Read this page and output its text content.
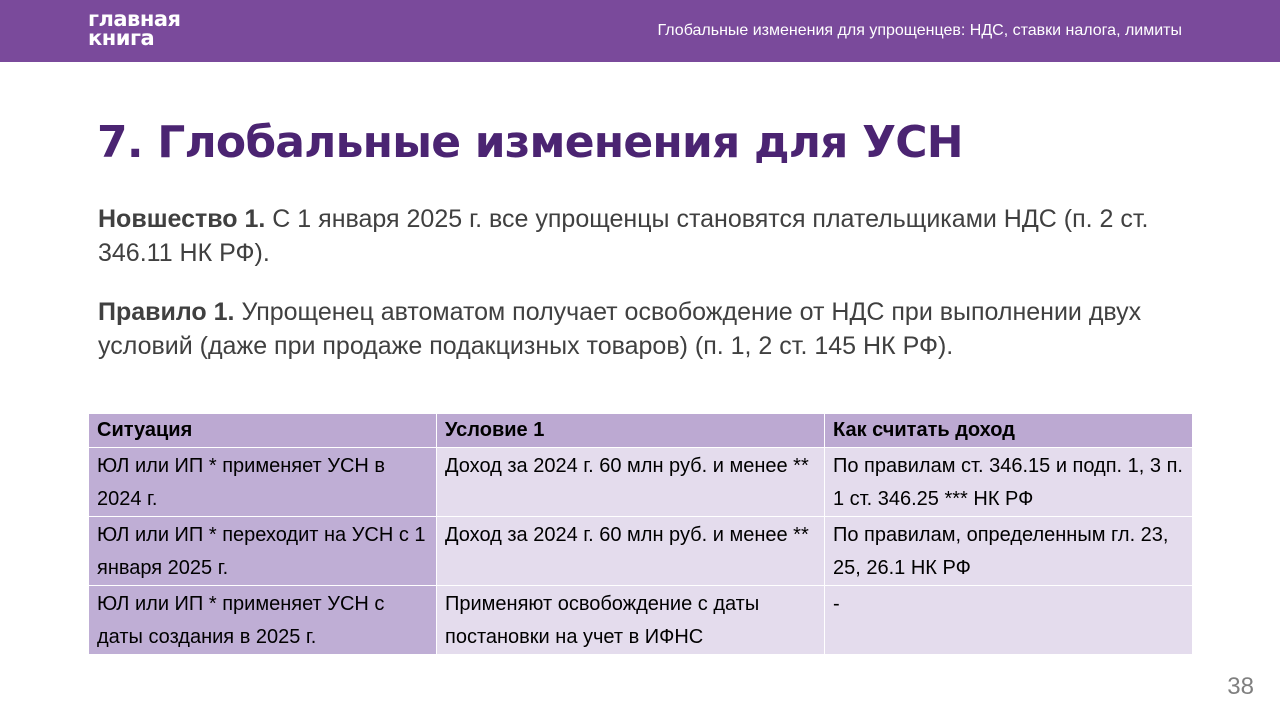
главная
книга	Глобальные изменения для упрощенцев: НДС, ставки налога, лимиты
7. Глобальные изменения для УСН

Новшество 1. С 1 января 2025 г. все упрощенцы становятся плательщиками НДС (п. 2 ст. 346.11 НК РФ).

Правило 1. Упрощенец автоматом получает освобождение от НДС при выполнении двух условий (даже при продаже подакцизных товаров) (п. 1, 2 ст. 145 НК РФ).

Ситуация	Условие 1	Как считать доход
ЮЛ или ИП * применяет УСН в 2024 г.	Доход за 2024 г. 60 млн руб. и менее **	По правилам ст. 346.15 и подп. 1, 3 п. 1 ст. 346.25 *** НК РФ
ЮЛ или ИП * переходит на УСН с 1 января 2025 г.	Доход за 2024 г. 60 млн руб. и менее **	По правилам, определенным гл. 23, 25, 26.1 НК РФ
ЮЛ или ИП * применяет УСН с даты создания в 2025 г.	Применяют освобождение с даты постановки на учет в ИФНС	-
38
